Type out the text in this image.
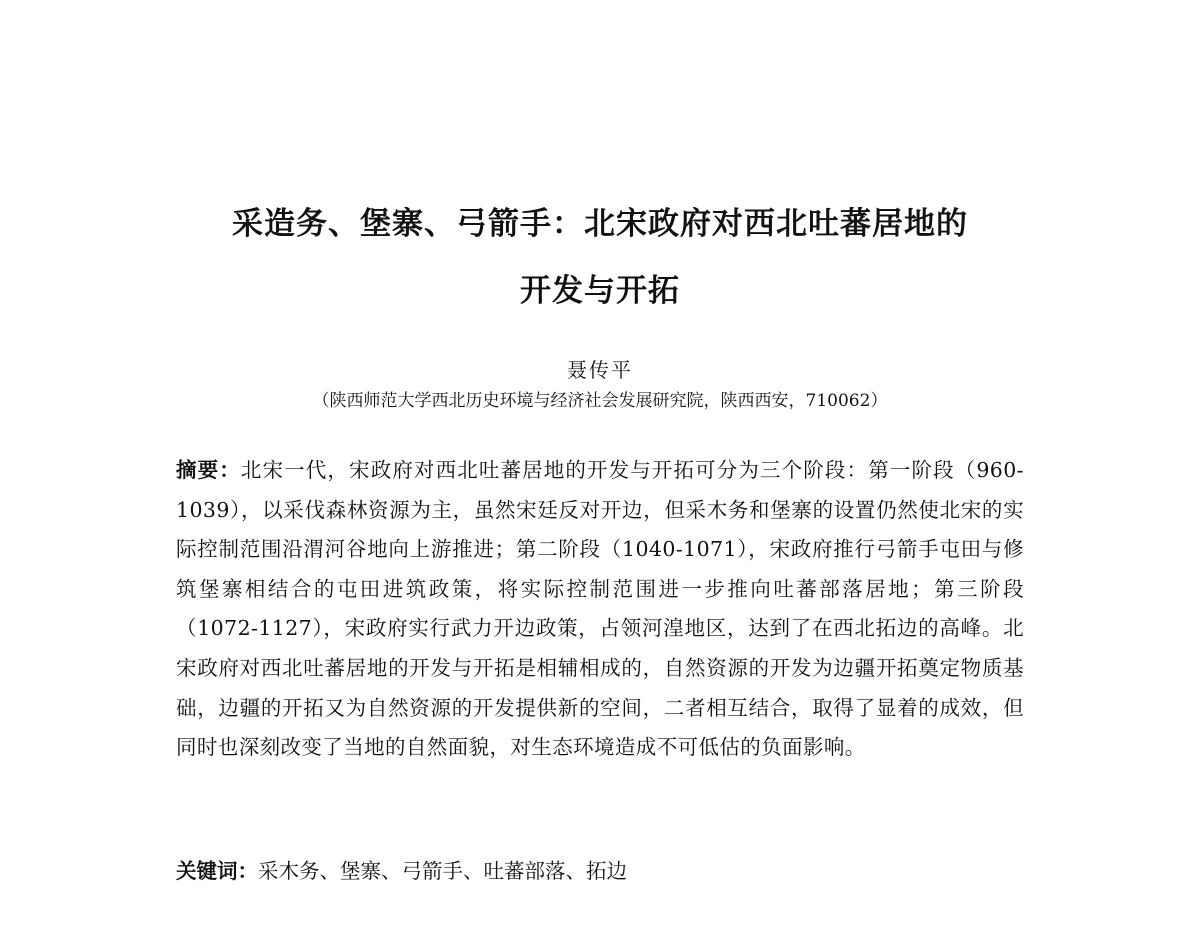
采造务、堡寨、弓箭手：北宋政府对西北吐蕃居地的
开发与开拓
聂传平
（陕西师范大学西北历史环境与经济社会发展研究院，陕西西安，710062）

摘要：北宋一代，宋政府对西北吐蕃居地的开发与开拓可分为三个阶段：第一阶段（960-1039），以采伐森林资源为主，虽然宋廷反对开边，但采木务和堡寨的设置仍然使北宋的实际控制范围沿渭河谷地向上游推进；第二阶段（1040-1071），宋政府推行弓箭手屯田与修筑堡寨相结合的屯田进筑政策，将实际控制范围进一步推向吐蕃部落居地；第三阶段（1072-1127），宋政府实行武力开边政策，占领河湟地区，达到了在西北拓边的高峰。北宋政府对西北吐蕃居地的开发与开拓是相辅相成的，自然资源的开发为边疆开拓奠定物质基础，边疆的开拓又为自然资源的开发提供新的空间，二者相互结合，取得了显着的成效，但同时也深刻改变了当地的自然面貌，对生态环境造成不可低估的负面影响。

关键词：采木务、堡寨、弓箭手、吐蕃部落、拓边
